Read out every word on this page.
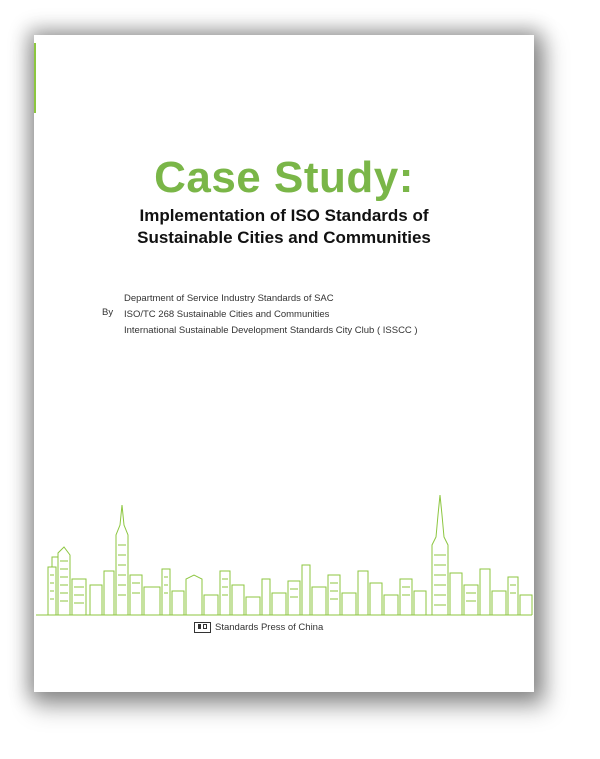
Case Study:
Implementation of ISO Standards of
Sustainable Cities and Communities
By
Department of Service Industry Standards of SAC
ISO/TC 268 Sustainable Cities and Communities
International Sustainable Development Standards City Club ( ISSCC )
Standards Press of China
